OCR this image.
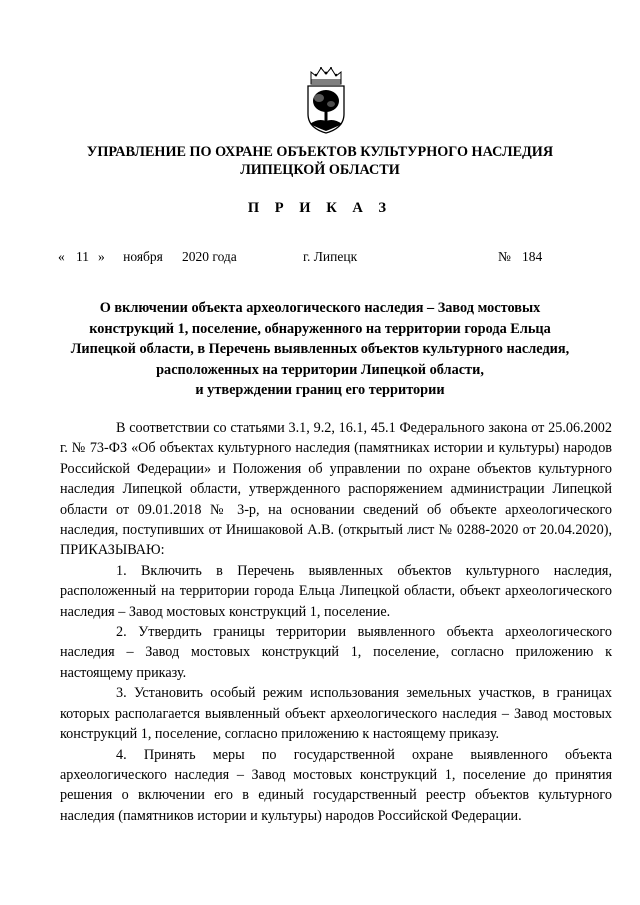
УПРАВЛЕНИЕ ПО ОХРАНЕ ОБЪЕКТОВ КУЛЬТУРНОГО НАСЛЕДИЯ
ЛИПЕЦКОЙ ОБЛАСТИ
П Р И К А З
« 11 »	ноября	2020 года	г. Липецк	№ 184
О включении объекта археологического наследия – Завод мостовых
конструкций 1, поселение, обнаруженного на территории города Ельца
Липецкой области, в Перечень выявленных объектов культурного наследия,
расположенных на территории Липецкой области,
и утверждении границ его территории

В соответствии со статьями 3.1, 9.2, 16.1, 45.1 Федерального закона от 25.06.2002 г. № 73-ФЗ «Об объектах культурного наследия (памятниках истории и культуры) народов Российской Федерации» и Положения об управлении по охране объектов культурного наследия Липецкой области, утвержденного распоряжением администрации Липецкой области от 09.01.2018 № 3-р, на основании сведений об объекте археологического наследия, поступивших от Инишаковой А.В. (открытый лист № 0288-2020 от 20.04.2020), ПРИКАЗЫВАЮ:

1. Включить в Перечень выявленных объектов культурного наследия, расположенный на территории города Ельца Липецкой области, объект археологического наследия – Завод мостовых конструкций 1, поселение.

2. Утвердить границы территории выявленного объекта археологического наследия – Завод мостовых конструкций 1, поселение, согласно приложению к настоящему приказу.

3. Установить особый режим использования земельных участков, в границах которых располагается выявленный объект археологического наследия – Завод мостовых конструкций 1, поселение, согласно приложению к настоящему приказу.

4. Принять меры по государственной охране выявленного объекта археологического наследия – Завод мостовых конструкций 1, поселение до принятия решения о включении его в единый государственный реестр объектов культурного наследия (памятников истории и культуры) народов Российской Федерации.
